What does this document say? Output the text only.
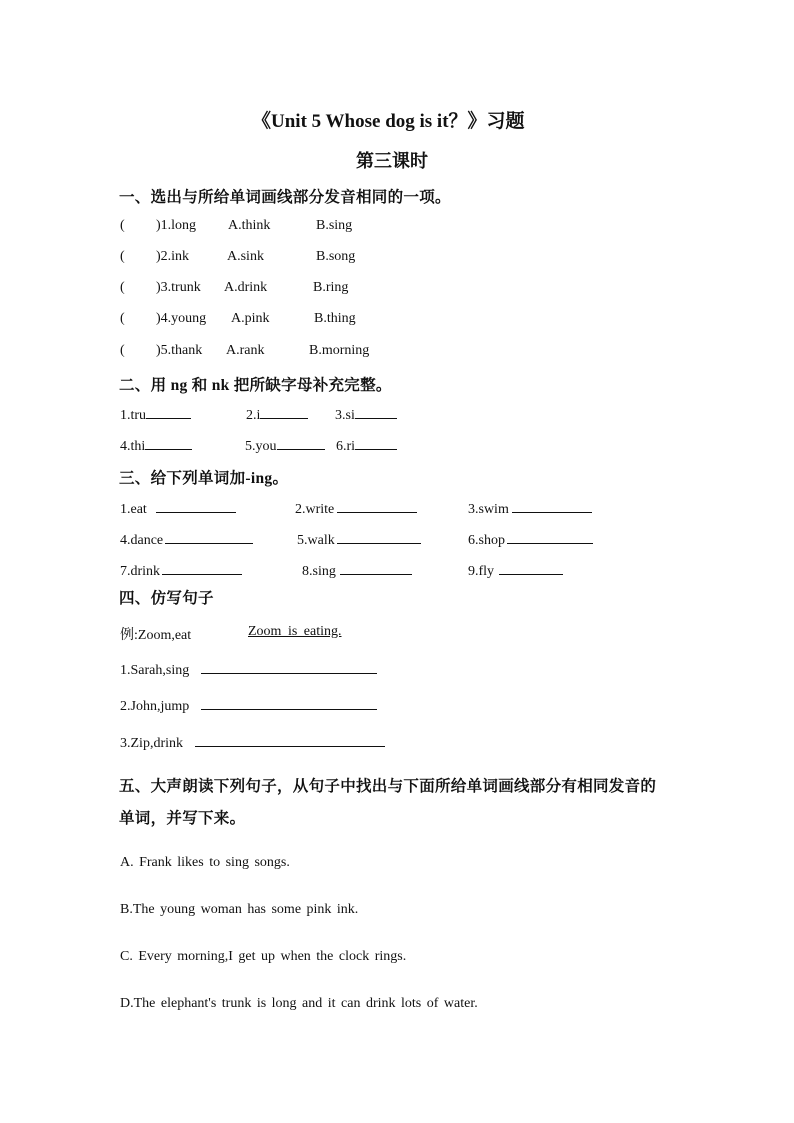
《Unit 5 Whose dog is it？》习题
第三课时
一、选出与所给单词画线部分发音相同的一项。
( )1.long A.think	B.sing
( )2.ink	A.sink	B.song
( )3.trunk A.drink	B.ring
( )4.young A.pink	B.thing
( )5.thank A.rank	B.morning
二、用 ng 和 nk 把所缺字母补充完整。
1.tru	2.i	3.si
4.thi	5.you	6.ri
三、给下列单词加-ing。
1.eat	2.write	3.swim
4.dance	5.walk	6.shop
7.drink	8.sing	9.fly
四、仿写句子
例:Zoom,eat	Zoom is eating.
1.Sarah,sing
2.John,jump
3.Zip,drink
五、大声朗读下列句子，从句子中找出与下面所给单词画线部分有相同发音的
单词，并写下来。
A. Frank likes to sing songs.
B.The young woman has some pink ink.
C. Every morning,I get up when the clock rings.
D.The elephant's trunk is long and it can drink lots of water.
